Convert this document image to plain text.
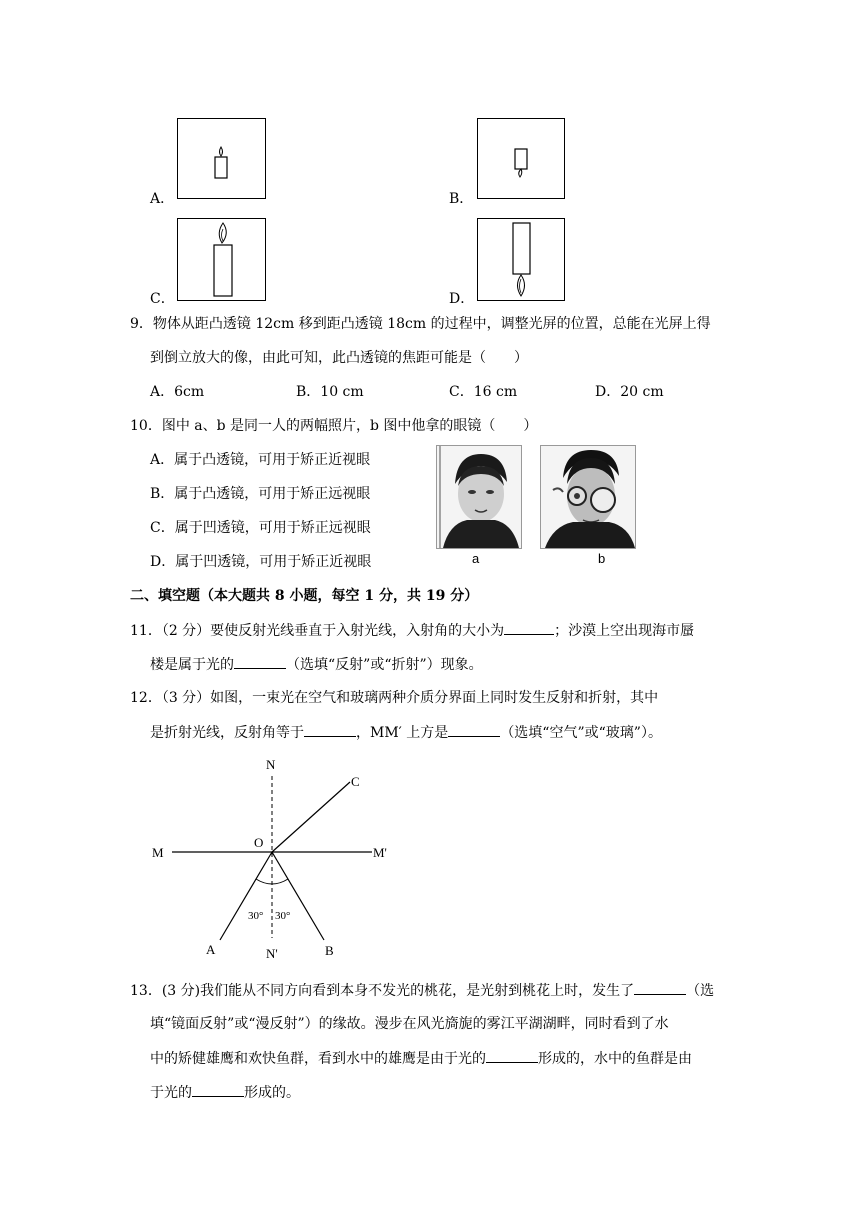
A．	B．
C．	D．
9．物体从距凸透镜 12cm 移到距凸透镜 18cm 的过程中，调整光屏的位置，总能在光屏上得
到倒立放大的像，由此可知，此凸透镜的焦距可能是（　　）
A．6cm	B．10 cm	C．16 cm	D．20 cm
10．图中 a、b 是同一人的两幅照片，b 图中他拿的眼镜（　　）
A．属于凸透镜，可用于矫正近视眼
B．属于凸透镜，可用于矫正远视眼
C．属于凹透镜，可用于矫正远视眼
D．属于凹透镜，可用于矫正近视眼	a	b
二、填空题（本大题共 8 小题，每空 1 分，共 19 分）
11．（2 分）要使反射光线垂直于入射光线，入射角的大小为	；沙漠上空出现海市蜃
楼是属于光的	（选填“反射”或“折射”）现象。
12．（3 分）如图，一束光在空气和玻璃两种介质分界面上同时发生反射和折射，其中
是折射光线，反射角等于	，MM′ 上方是	（选填“空气”或“玻璃”）。
N
C
O
M	M'
A	N'	B
30° 30°
13．(3 分)我们能从不同方向看到本身不发光的桃花，是光射到桃花上时，发生了	（选
填“镜面反射”或“漫反射”）的缘故。漫步在风光旖旎的雾江平湖湖畔，同时看到了水
中的矫健雄鹰和欢快鱼群，看到水中的雄鹰是由于光的	形成的，水中的鱼群是由
于光的	形成的。
